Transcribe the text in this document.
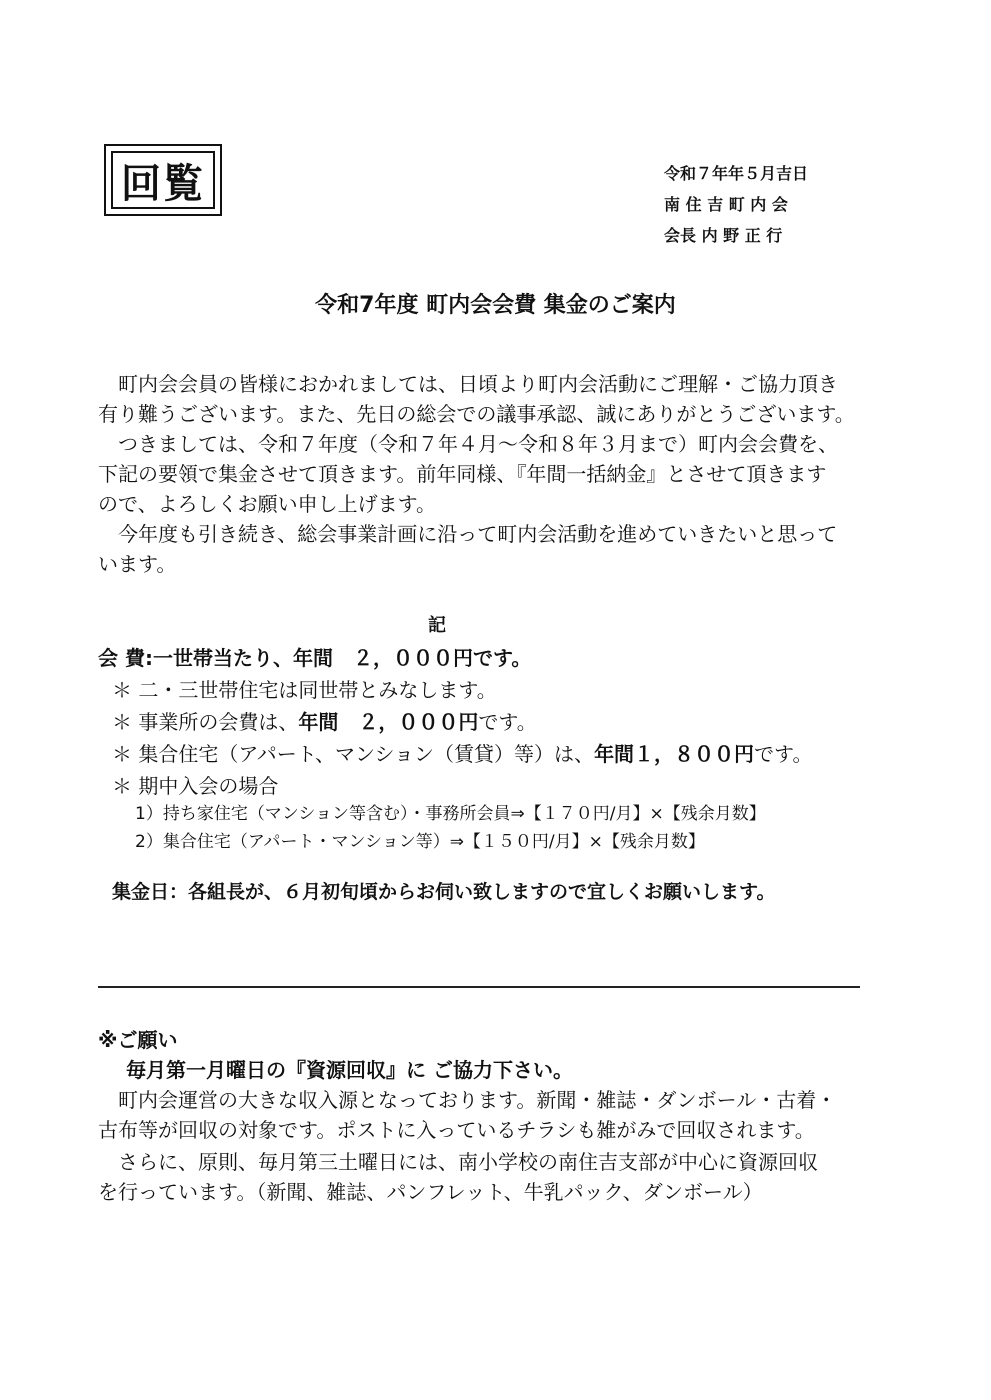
回覧	令和７年年５月吉日
南 住 吉 町 内 会
会長 内 野 正 行
令和7年度 町内会会費 集金のご案内
町内会会員の皆様におかれましては、日頃より町内会活動にご理解・ご協力頂き
有り難うございます。また、先日の総会での議事承認、誠にありがとうございます。
つきましては、令和７年度（令和７年４月～令和８年３月まで）町内会会費を、
下記の要領で集金させて頂きます。前年同様、『年間一括納金』とさせて頂きます
ので、よろしくお願い申し上げます。
今年度も引き続き、総会事業計画に沿って町内会活動を進めていきたいと思って
います。
記
会 費:一世帯当たり、年間　２，０００円です。
＊ 二・三世帯住宅は同世帯とみなします。
＊ 事業所の会費は、年間　２，０００円です。
＊ 集合住宅（アパート、マンション（賃貸）等）は、年間１，８００円です。
＊ 期中入会の場合
1）持ち家住宅（マンション等含む）・事務所会員⇒【１７０円/月】×【残余月数】
2）集合住宅（アパート・マンション等）⇒【１５０円/月】×【残余月数】
集金日：各組長が、６月初旬頃からお伺い致しますので宜しくお願いします。
※ご願い
毎月第一月曜日の『資源回収』に ご協力下さい。
町内会運営の大きな収入源となっております。新聞・雑誌・ダンボール・古着・
古布等が回収の対象です。ポストに入っているチラシも雑がみで回収されます。
さらに、原則、毎月第三土曜日には、南小学校の南住吉支部が中心に資源回収
を行っています。（新聞、雑誌、パンフレット、牛乳パック、ダンボール）
